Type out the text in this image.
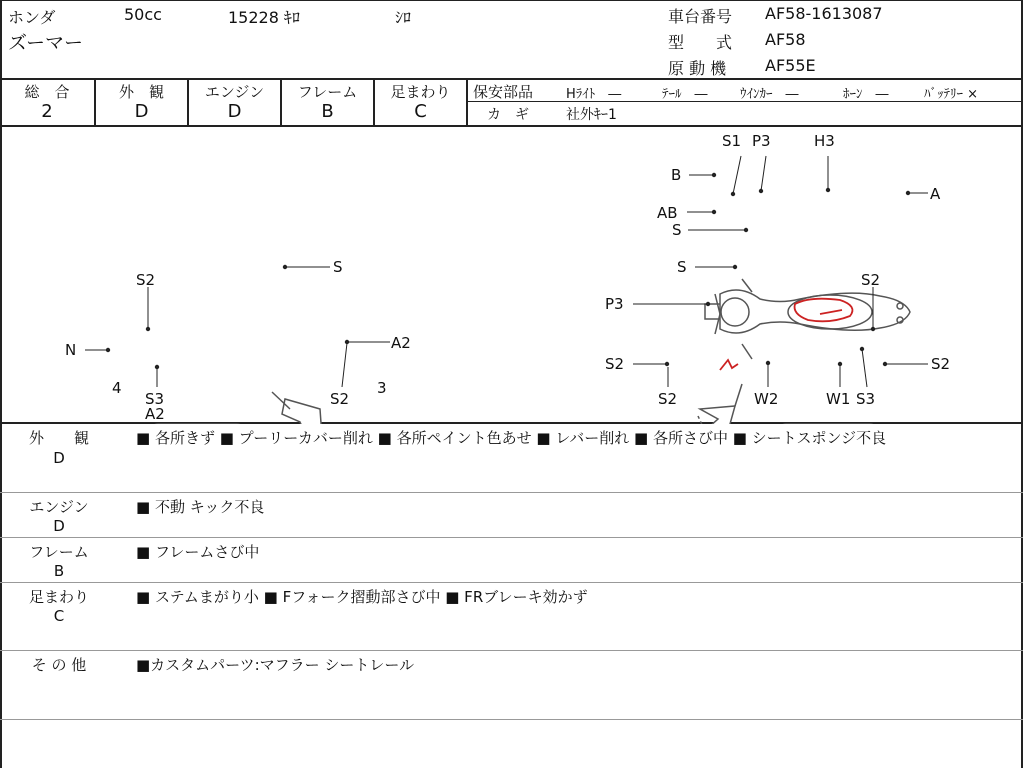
ホンダ	50cc	15228 ｷﾛ	ｼﾛ
ズーマー
車台番号 AF58-1613087
型　　式 AF58
原 動 機 AF55E
総　合
2
外　観
D
エンジン
D
フレーム
B
足まわり
C
保安部品	Hﾗｲﾄ　―	ﾃｰﾙ　― ｳｲﾝｶｰ　―	ﾎｰﾝ　―	ﾊﾞｯﾃﾘｰ ×
カ　ギ	社外ｷｰ1
S1 P3	H3
B
A
AB
S
S2
S
N	A2
4
S3
A2
S2
3
S
S2
P3
S2
S2
S2
W2	W1 S3
外　　観
D
■ 各所きず ■ プーリーカバー削れ ■ 各所ペイント色あせ ■ レバー削れ ■ 各所さび中 ■ シートスポンジ不良
エンジン
D
■ 不動 キック不良
フレーム
B
■ フレームさび中
足まわり
C
■ ステムまがり小 ■ Fフォーク摺動部さび中 ■ FRブレーキ効かず
そ の 他	■カスタムパーツ:マフラー シートレール
